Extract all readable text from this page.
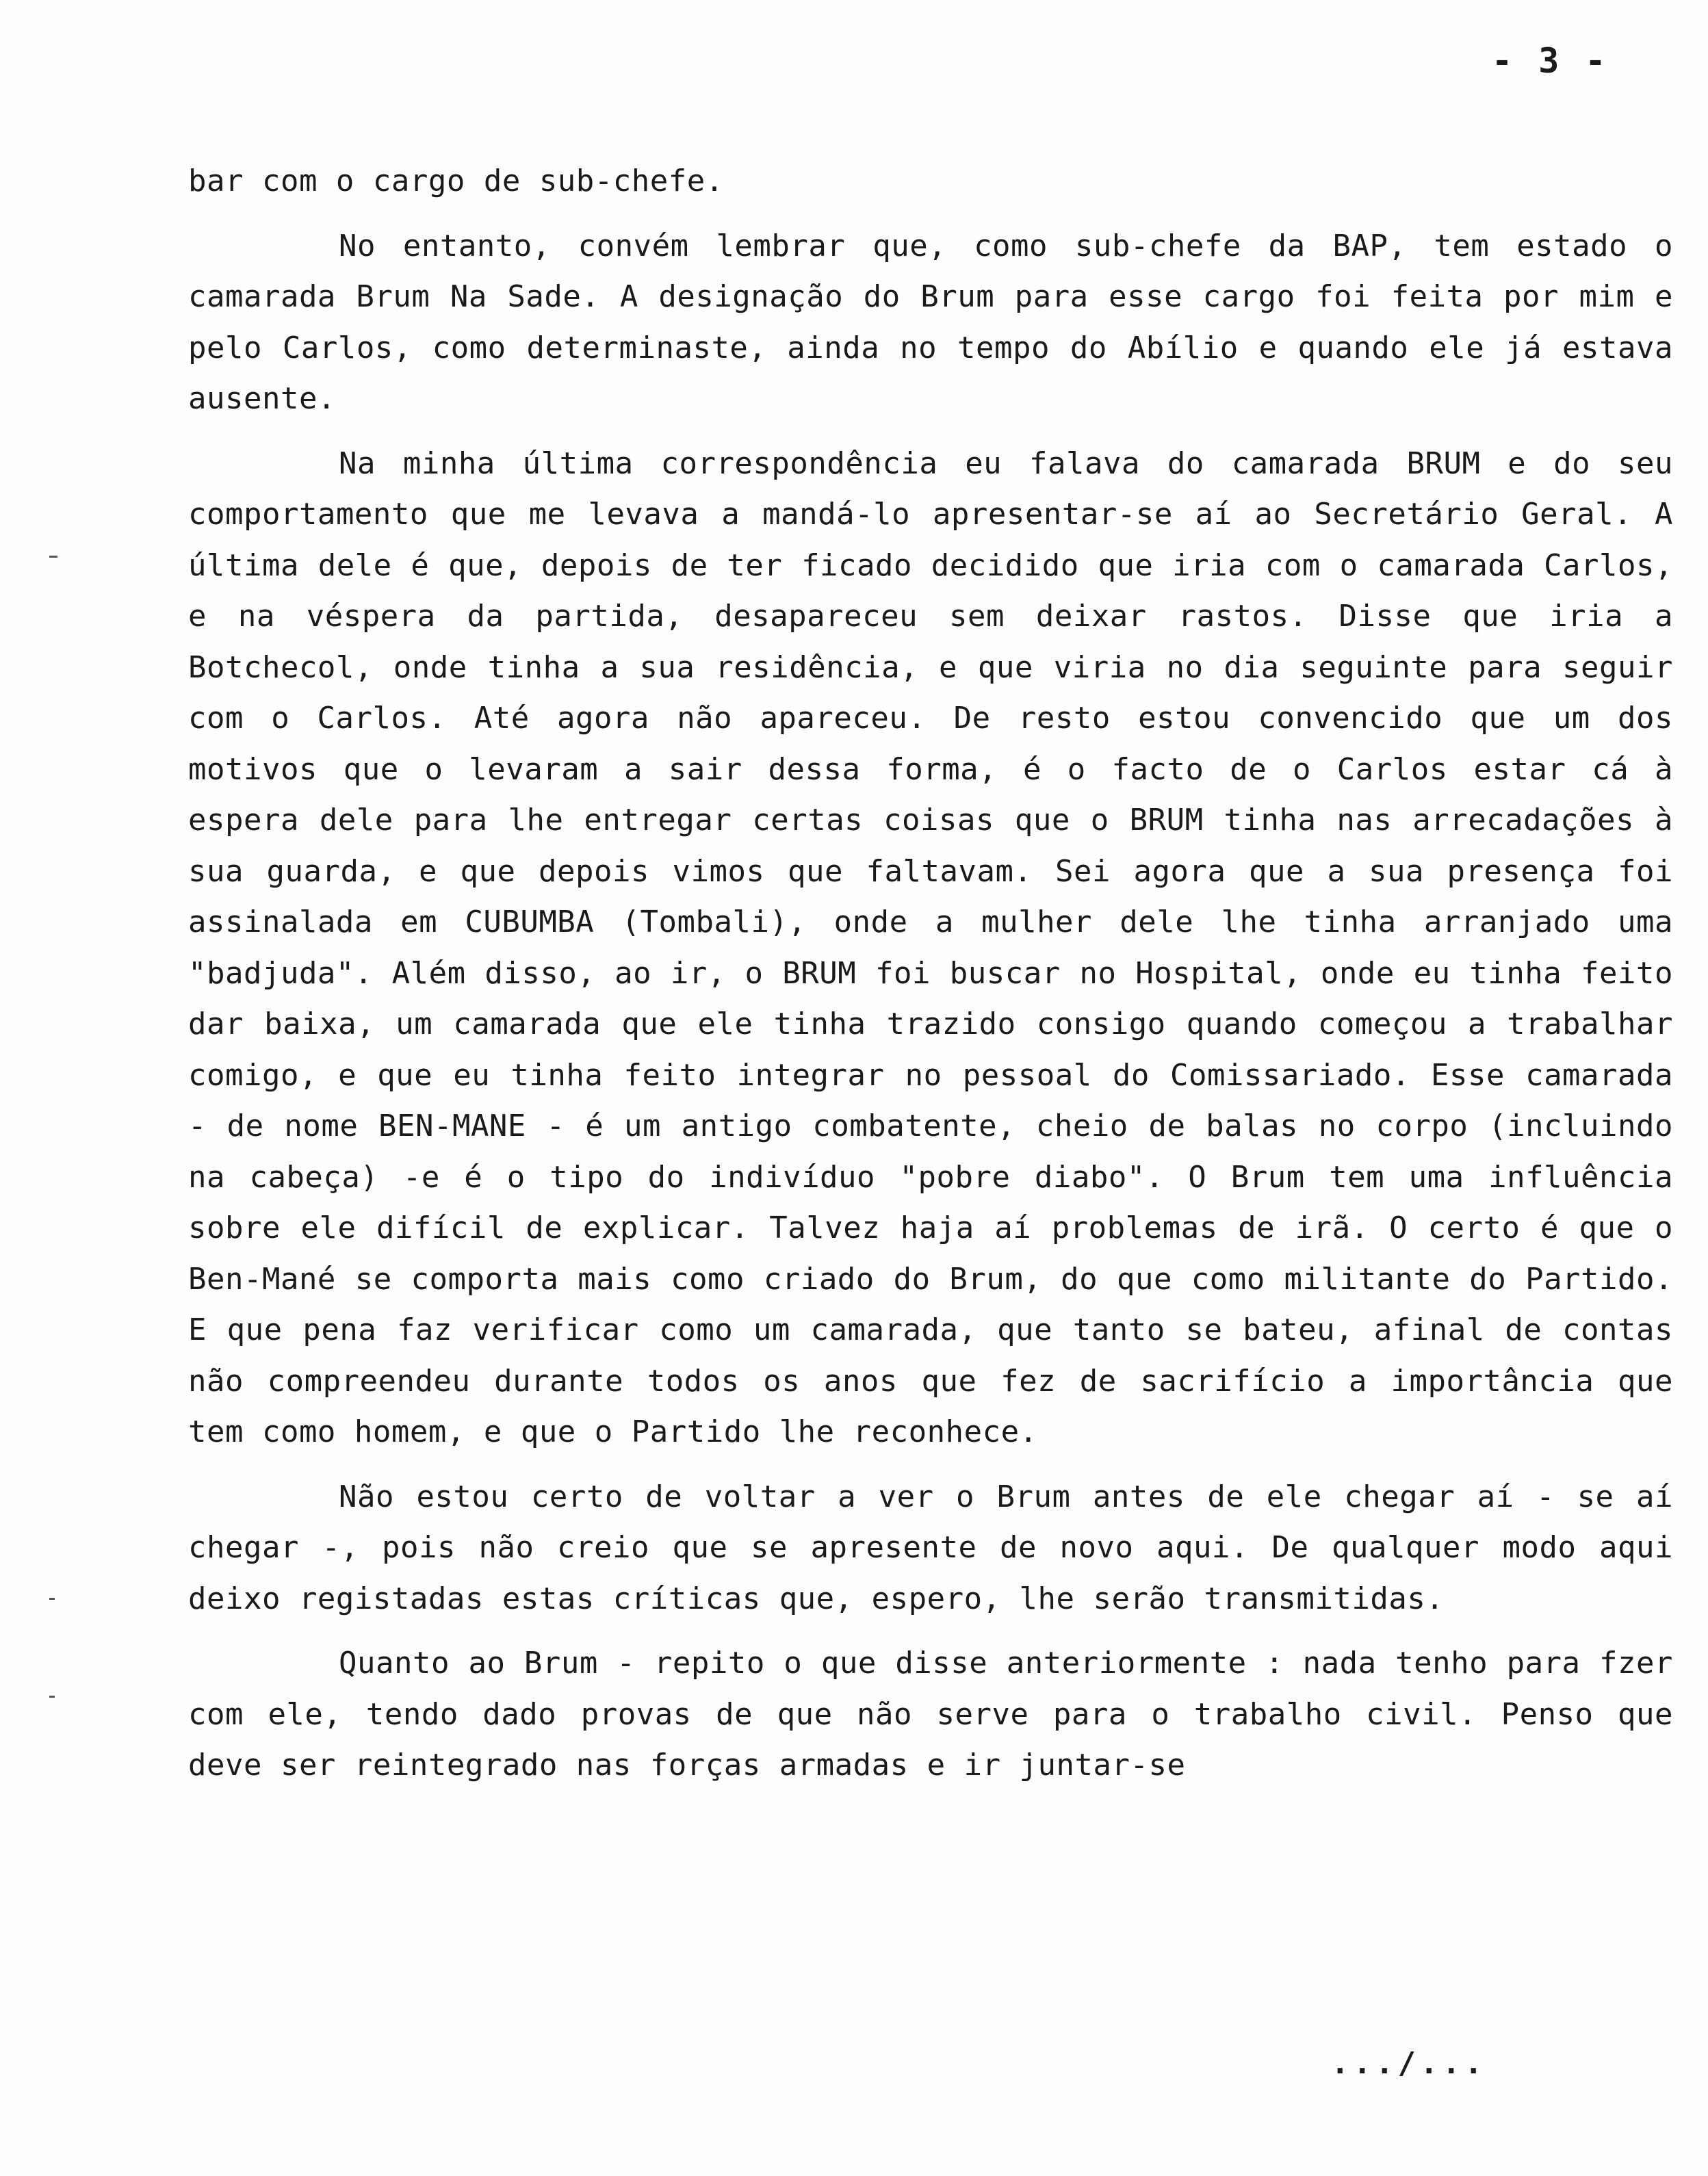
- 3 -

bar com o cargo de sub-chefe.

No entanto, convém lembrar que, como sub-chefe da BAP, tem estado o camarada Brum Na Sade. A designação do Brum para esse cargo foi feita por mim e pelo Carlos, como determinaste, ainda no tempo do Abílio e quando ele já estava ausente.

Na minha última correspondência eu falava do camarada BRUM e do seu comportamento que me levava a mandá-lo apresentar-se aí ao Secretário Geral. A última dele é que, depois de ter ficado decidido que iria com o camarada Carlos, e na véspera da partida, desapareceu sem deixar rastos. Disse que iria a Botchecol, onde tinha a sua residência, e que viria no dia seguinte para seguir com o Carlos. Até agora não apareceu. De resto estou convencido que um dos motivos que o levaram a sair dessa forma, é o facto de o Carlos estar cá à espera dele para lhe entregar certas coisas que o BRUM tinha nas arrecadações à sua guarda, e que depois vimos que faltavam. Sei agora que a sua presença foi assinalada em CUBUMBA (Tombali), onde a mulher dele lhe tinha arranjado uma "badjuda". Além disso, ao ir, o BRUM foi buscar no Hospital, onde eu tinha feito dar baixa, um camarada que ele tinha trazido consigo quando começou a trabalhar comigo, e que eu tinha feito integrar no pessoal do Comissariado. Esse camarada - de nome BEN-MANE - é um antigo combatente, cheio de balas no corpo (incluindo na cabeça) -e é o tipo do indivíduo "pobre diabo". O Brum tem uma influência sobre ele difícil de explicar. Talvez haja aí problemas de irã. O certo é que o Ben-Mané se comporta mais como criado do Brum, do que como militante do Partido. E que pena faz verificar como um camarada, que tanto se bateu, afinal de contas não compreendeu durante todos os anos que fez de sacrifício a importância que tem como homem, e que o Partido lhe reconhece.

Não estou certo de voltar a ver o Brum antes de ele chegar aí - se aí chegar -, pois não creio que se apresente de novo aqui. De qualquer modo aqui deixo registadas estas críticas que, espero, lhe serão transmitidas.

Quanto ao Brum - repito o que disse anteriormente : nada tenho para fzer com ele, tendo dado provas de que não serve para o trabalho civil. Penso que deve ser reintegrado nas forças armadas e ir juntar-se

.../...
